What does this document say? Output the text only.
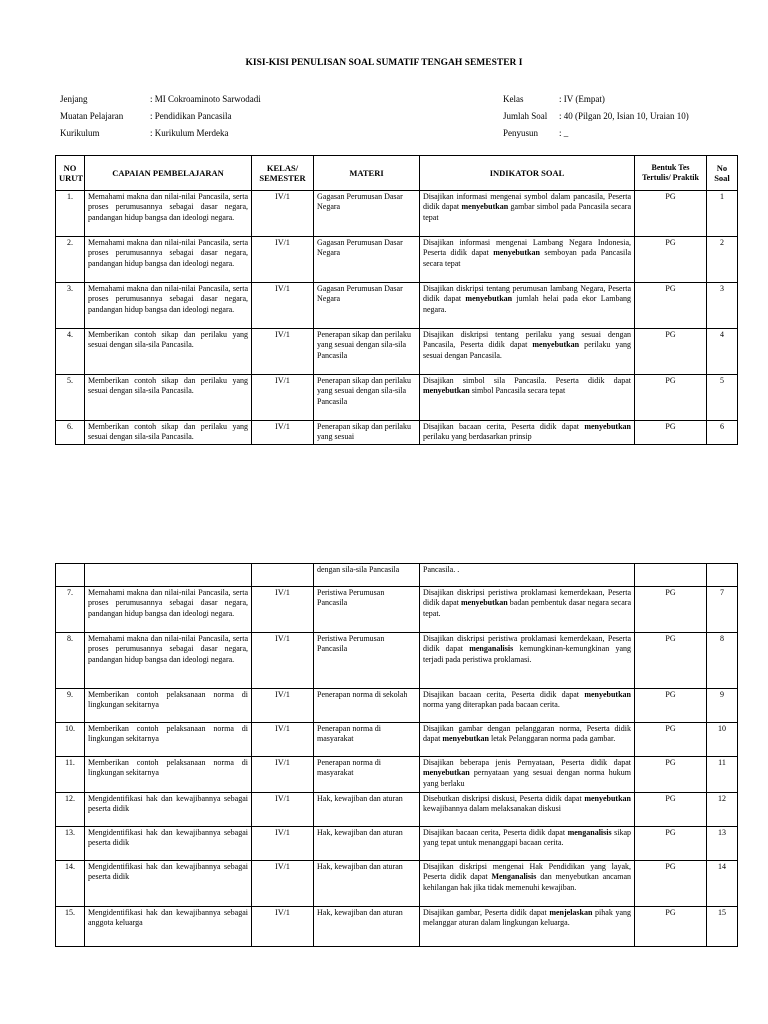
KISI-KISI PENULISAN SOAL SUMATIF TENGAH SEMESTER I
Jenjang	: MI Cokroaminoto Sarwodadi
Muatan Pelajaran	: Pendidikan Pancasila
Kurikulum	: Kurikulum Merdeka
Kelas	: IV (Empat)
Jumlah Soal	: 40 (Pilgan 20, Isian 10, Uraian 10)
Penyusun	: _
NO URUT	CAPAIAN PEMBELAJARAN	KELAS/ SEMESTER	MATERI	INDIKATOR SOAL	Bentuk Tes Tertulis/ Praktik	No Soal
1.	Memahami makna dan nilai-nilai Pancasila, serta proses perumusannya sebagai dasar negara, pandangan hidup bangsa dan ideologi negara.	IV/1	Gagasan Perumusan Dasar Negara	Disajikan informasi mengenai symbol dalam pancasila, Peserta didik dapat menyebutkan gambar simbol pada Pancasila secara tepat	PG	1
2.	Memahami makna dan nilai-nilai Pancasila, serta proses perumusannya sebagai dasar negara, pandangan hidup bangsa dan ideologi negara.	IV/1	Gagasan Perumusan Dasar Negara	Disajikan informasi mengenai Lambang Negara Indonesia, Peserta didik dapat menyebutkan semboyan pada Pancasila secara tepat	PG	2
3.	Memahami makna dan nilai-nilai Pancasila, serta proses perumusannya sebagai dasar negara, pandangan hidup bangsa dan ideologi negara.	IV/1	Gagasan Perumusan Dasar Negara	Disajikan diskripsi tentang perumusan lambang Negara, Peserta didik dapat menyebutkan jumlah helai pada ekor Lambang negara.	PG	3
4.	Memberikan contoh sikap dan perilaku yang sesuai dengan sila-sila Pancasila.	IV/1	Penerapan sikap dan perilaku yang sesuai dengan sila-sila Pancasila	Disajikan diskripsi tentang perilaku yang sesuai dengan Pancasila, Peserta didik dapat menyebutkan perilaku yang sesuai dengan Pancasila.	PG	4
5.	Memberikan contoh sikap dan perilaku yang sesuai dengan sila-sila Pancasila.	IV/1	Penerapan sikap dan perilaku yang sesuai dengan sila-sila Pancasila	Disajikan simbol sila Pancasila. Peserta didik dapat menyebutkan simbol Pancasila secara tepat	PG	5
6.	Memberikan contoh sikap dan perilaku yang sesuai dengan sila-sila Pancasila.	IV/1	Penerapan sikap dan perilaku yang sesuai	Disajikan bacaan cerita, Peserta didik dapat menyebutkan perilaku yang berdasarkan prinsip	PG	6
			dengan sila-sila Pancasila	Pancasila. .		
7.	Memahami makna dan nilai-nilai Pancasila, serta proses perumusannya sebagai dasar negara, pandangan hidup bangsa dan ideologi negara.	IV/1	Peristiwa Perumusan Pancasila	Disajikan diskripsi peristiwa proklamasi kemerdekaan, Peserta didik dapat menyebutkan badan pembentuk dasar negara secara tepat.	PG	7
8.	Memahami makna dan nilai-nilai Pancasila, serta proses perumusannya sebagai dasar negara, pandangan hidup bangsa dan ideologi negara.	IV/1	Peristiwa Perumusan Pancasila	Disajikan diskripsi peristiwa proklamasi kemerdekaan, Peserta didik dapat menganalisis kemungkinan-kemungkinan yang terjadi pada peristiwa proklamasi.	PG	8
9.	Memberikan contoh pelaksanaan norma di lingkungan sekitarnya	IV/1	Penerapan norma di sekolah	Disajikan bacaan cerita, Peserta didik dapat menyebutkan norma yang diterapkan pada bacaan cerita.	PG	9
10.	Memberikan contoh pelaksanaan norma di lingkungan sekitarnya	IV/1	Penerapan norma di masyarakat	Disajikan gambar dengan pelanggaran norma, Peserta didik dapat menyebutkan letak Pelanggaran norma pada gambar.	PG	10
11.	Memberikan contoh pelaksanaan norma di lingkungan sekitarnya	IV/1	Penerapan norma di masyarakat	Disajikan beberapa jenis Pernyataan, Peserta didik dapat menyebutkan pernyataan yang sesuai dengan norma hukum yang berlaku	PG	11
12.	Mengidentifikasi hak dan kewajibannya sebagai peserta didik	IV/1	Hak, kewajiban dan aturan	Disebutkan diskripsi diskusi, Peserta didik dapat menyebutkan kewajibannya dalam melaksanakan diskusi	PG	12
13.	Mengidentifikasi hak dan kewajibannya sebagai peserta didik	IV/1	Hak, kewajiban dan aturan	Disajikan bacaan cerita, Peserta didik dapat menganalisis sikap yang tepat untuk menanggapi bacaan cerita.	PG	13
14.	Mengidentifikasi hak dan kewajibannya sebagai peserta didik	IV/1	Hak, kewajiban dan aturan	Disajikan diskripsi mengenai Hak Pendidikan yang layak, Peserta didik dapat Menganalisis dan menyebutkan ancaman kehilangan hak jika tidak memenuhi kewajiban.	PG	14
15.	Mengidentifikasi hak dan kewajibannya sebagai anggota keluarga	IV/1	Hak, kewajiban dan aturan	Disajikan gambar, Peserta didik dapat menjelaskan pihak yang melanggar aturan dalam lingkungan keluarga.	PG	15
